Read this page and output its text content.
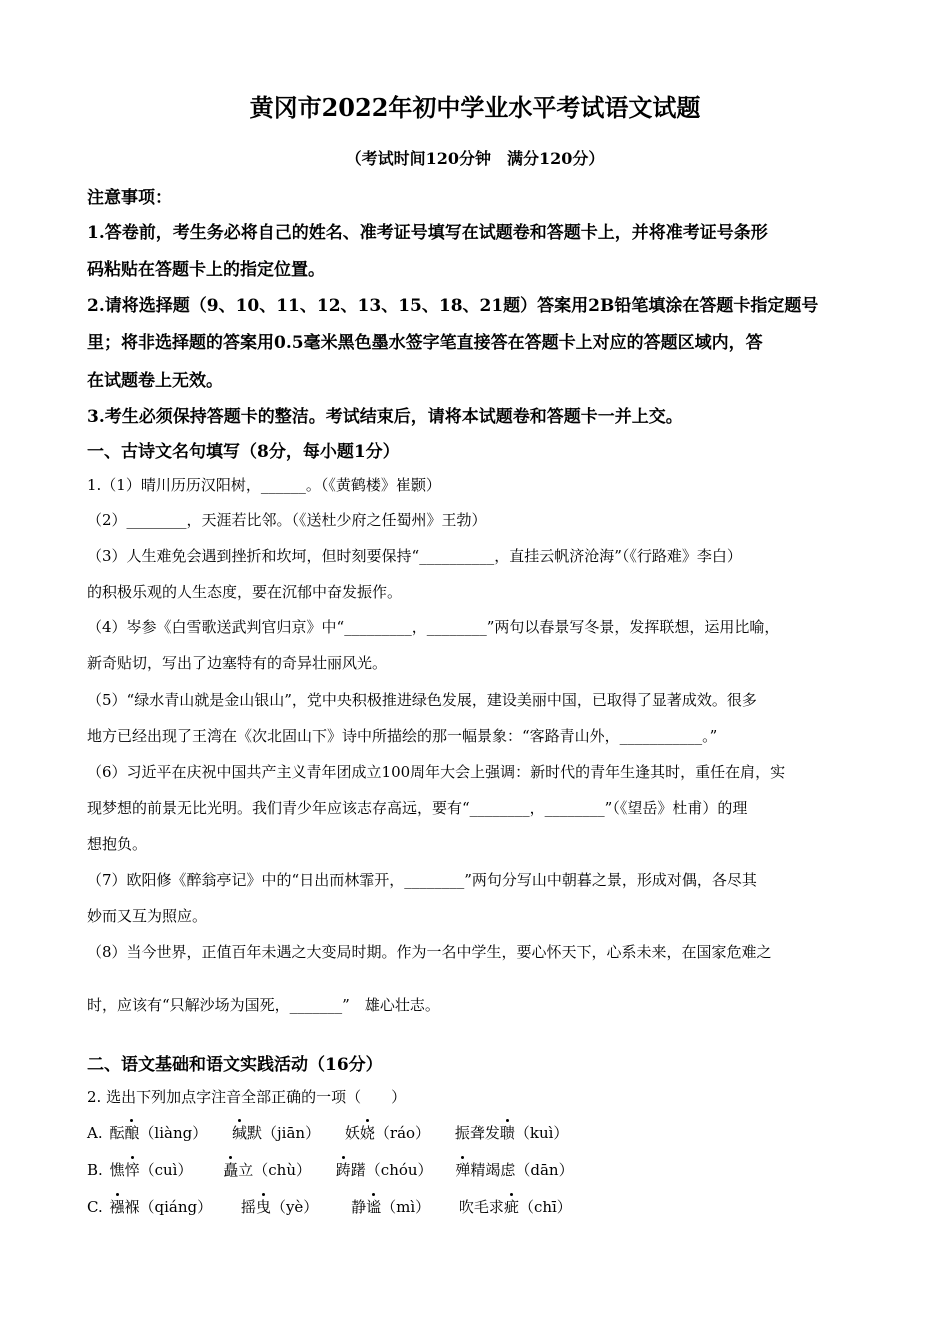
黄冈市2022年初中学业水平考试语文试题
（考试时间120分钟　满分120分）
注意事项：
1.答卷前，考生务必将自己的姓名、准考证号填写在试题卷和答题卡上，并将准考证号条形
码粘贴在答题卡上的指定位置。
2.请将选择题（9、10、11、12、13、15、18、21题）答案用2B铅笔填涂在答题卡指定题号
里；将非选择题的答案用0.5毫米黑色墨水签字笔直接答在答题卡上对应的答题区域内，答
在试题卷上无效。
3.考生必须保持答题卡的整洁。考试结束后，请将本试题卷和答题卡一并上交。
一、古诗文名句填写（8分，每小题1分）
1.（1）晴川历历汉阳树，______。（《黄鹤楼》崔颢）
（2）________，天涯若比邻。（《送杜少府之任蜀州》王勃）
（3）人生难免会遇到挫折和坎坷，但时刻要保持“__________，直挂云帆济沧海”（《行路难》李白）
的积极乐观的人生态度，要在沉郁中奋发振作。
（4）岑参《白雪歌送武判官归京》中“_________，________”两句以春景写冬景，发挥联想，运用比喻，
新奇贴切，写出了边塞特有的奇异壮丽风光。
（5）“绿水青山就是金山银山”，党中央积极推进绿色发展，建设美丽中国，已取得了显著成效。很多
地方已经出现了王湾在《次北固山下》诗中所描绘的那一幅景象：“客路青山外，___________。”
（6）习近平在庆祝中国共产主义青年团成立100周年大会上强调：新时代的青年生逢其时，重任在肩，实
现梦想的前景无比光明。我们青少年应该志存高远，要有“________，________”（《望岳》杜甫）的理
想抱负。
（7）欧阳修《醉翁亭记》中的“日出而林霏开，________”两句分写山中朝暮之景，形成对偶，各尽其
妙而又互为照应。
（8）当今世界，正值百年未遇之大变局时期。作为一名中学生，要心怀天下，心系未来，在国家危难之
时，应该有“只解沙场为国死，_______”　雄心壮志。
二、语文基础和语文实践活动（16分）
2. 选出下列加点字注音全部正确的一项（　　）
A. 酝酿（liàng） 缄默（jiān） 妖娆（ráo） 振聋发聩（kuì）
B. 憔悴（cuì） 矗立（chù） 踌躇（chóu） 殚精竭虑（dān）
C. 襁褓（qiáng） 摇曳（yè） 静谧（mì） 吹毛求疵（chī）
